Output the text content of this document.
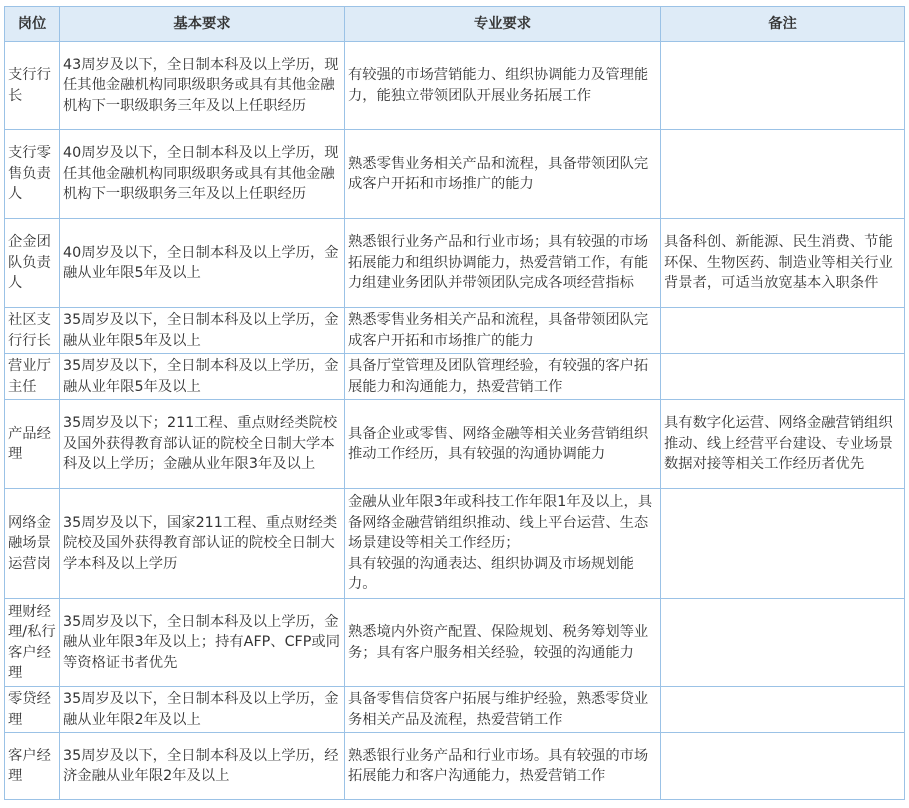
岗位	基本要求	专业要求	备注
支行行长	43周岁及以下，全日制本科及以上学历，现任其他金融机构同职级职务或具有其他金融机构下一职级职务三年及以上任职经历	有较强的市场营销能力、组织协调能力及管理能力，能独立带领团队开展业务拓展工作	
支行零售负责人	40周岁及以下，全日制本科及以上学历，现任其他金融机构同职级职务或具有其他金融机构下一职级职务三年及以上任职经历	熟悉零售业务相关产品和流程，具备带领团队完成客户开拓和市场推广的能力	
企金团队负责人	40周岁及以下，全日制本科及以上学历，金融从业年限5年及以上	熟悉银行业务产品和行业市场；具有较强的市场拓展能力和组织协调能力，热爱营销工作，有能力组建业务团队并带领团队完成各项经营指标	具备科创、新能源、民生消费、节能环保、生物医药、制造业等相关行业背景者，可适当放宽基本入职条件
社区支行行长	35周岁及以下，全日制本科及以上学历，金融从业年限5年及以上	熟悉零售业务相关产品和流程，具备带领团队完成客户开拓和市场推广的能力	
营业厅主任	35周岁及以下，全日制本科及以上学历，金融从业年限5年及以上	具备厅堂管理及团队管理经验，有较强的客户拓展能力和沟通能力，热爱营销工作	
产品经理	35周岁及以下；211工程、重点财经类院校及国外获得教育部认证的院校全日制大学本科及以上学历；金融从业年限3年及以上	具备企业或零售、网络金融等相关业务营销组织推动工作经历，具有较强的沟通协调能力	具有数字化运营、网络金融营销组织推动、线上经营平台建设、专业场景数据对接等相关工作经历者优先
网络金融场景运营岗	35周岁及以下，国家211工程、重点财经类院校及国外获得教育部认证的院校全日制大学本科及以上学历	金融从业年限3年或科技工作年限1年及以上，具备网络金融营销组织推动、线上平台运营、生态场景建设等相关工作经历；
具有较强的沟通表达、组织协调及市场规划能力。	
理财经理/私行客户经理	35周岁及以下，全日制本科及以上学历，金融从业年限3年及以上；持有AFP、CFP或同等资格证书者优先	熟悉境内外资产配置、保险规划、税务筹划等业务；具有客户服务相关经验，较强的沟通能力	
零贷经理	35周岁及以下，全日制本科及以上学历，金融从业年限2年及以上	具备零售信贷客户拓展与维护经验，熟悉零贷业务相关产品及流程，热爱营销工作	
客户经理	35周岁及以下，全日制本科及以上学历，经济金融从业年限2年及以上	熟悉银行业务产品和行业市场。具有较强的市场拓展能力和客户沟通能力，热爱营销工作	
